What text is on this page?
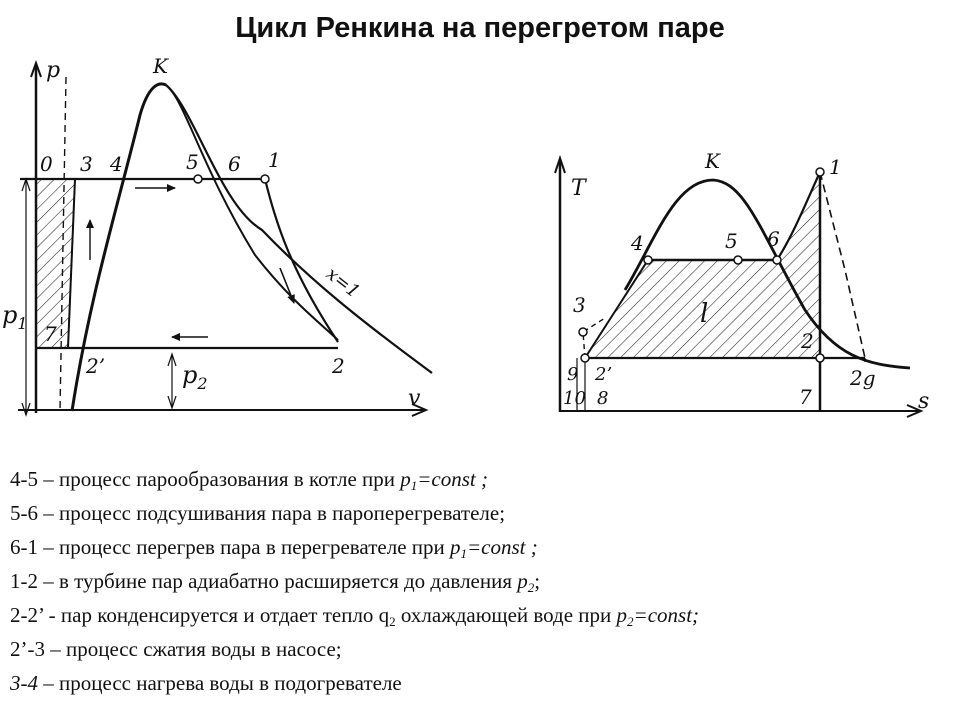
Цикл Ренкина на перегретом паре
p
v
K
x=1
0 3 4	5 6 1
7
2’	2
$p_1$
$p_2$
T
s
K
l
1
4	5 6
3
2
9 2’
10 8	7
2g
4-5 – процесс парообразования в котле при $p_1=const$ ;
5-6 – процесс подсушивания пара в пароперегревателе;
6-1 – процесс перегрев пара в перегревателе при $p_1=const$ ;
1-2 – в турбине пар адиабатно расширяется до давления $p_2$;
2-2’ - пар конденсируется и отдает тепло $q_2$ охлаждающей воде при $p_2=const$;
2’-3 – процесс сжатия воды в насосе;
3-4 – процесс нагрева воды в подогревателе
